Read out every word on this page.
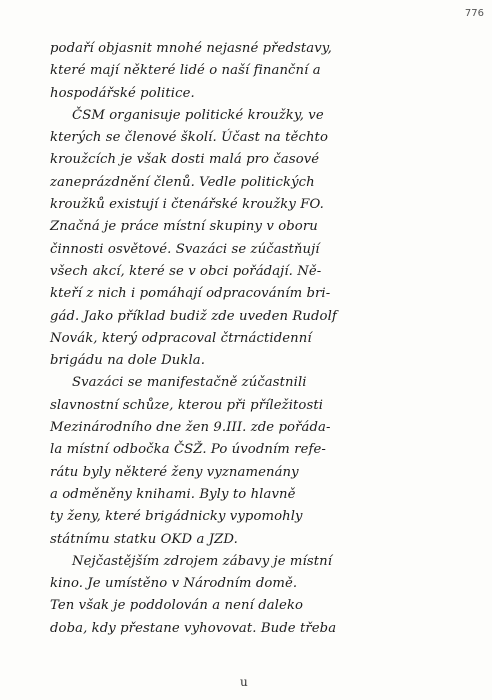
776
podaří objasnit mnohé nejasné představy,
které mají některé lidé o naší finanční a
hospodářské politice.
ČSM organisuje politické kroužky, ve
kterých se členové školí. Účast na těchto
kroužcích je však dosti malá pro časové
zaneprázdnění členů. Vedle politických
kroužků existují i čtenářské kroužky FO.
Značná je práce místní skupiny v oboru
činnosti osvětové. Svazáci se zúčastňují
všech akcí, které se v obci pořádají. Ně-
kteří z nich i pomáhají odpracováním bri-
gád. Jako příklad budiž zde uveden Rudolf
Novák, který odpracoval čtrnáctidenní
brigádu na dole Dukla.
Svazáci se manifestačně zúčastnili
slavnostní schůze, kterou při příležitosti
Mezinárodního dne žen 9.III. zde pořáda-
la místní odbočka ČSŽ. Po úvodním refe-
rátu byly některé ženy vyznamenány
a odměněny knihami. Byly to hlavně
ty ženy, které brigádnicky vypomohly
státnímu statku OKD a JZD.
Nejčastějším zdrojem zábavy je místní
kino. Je umístěno v Národním domě.
Ten však je poddolován a není daleko
doba, kdy přestane vyhovovat. Bude třeba
u
